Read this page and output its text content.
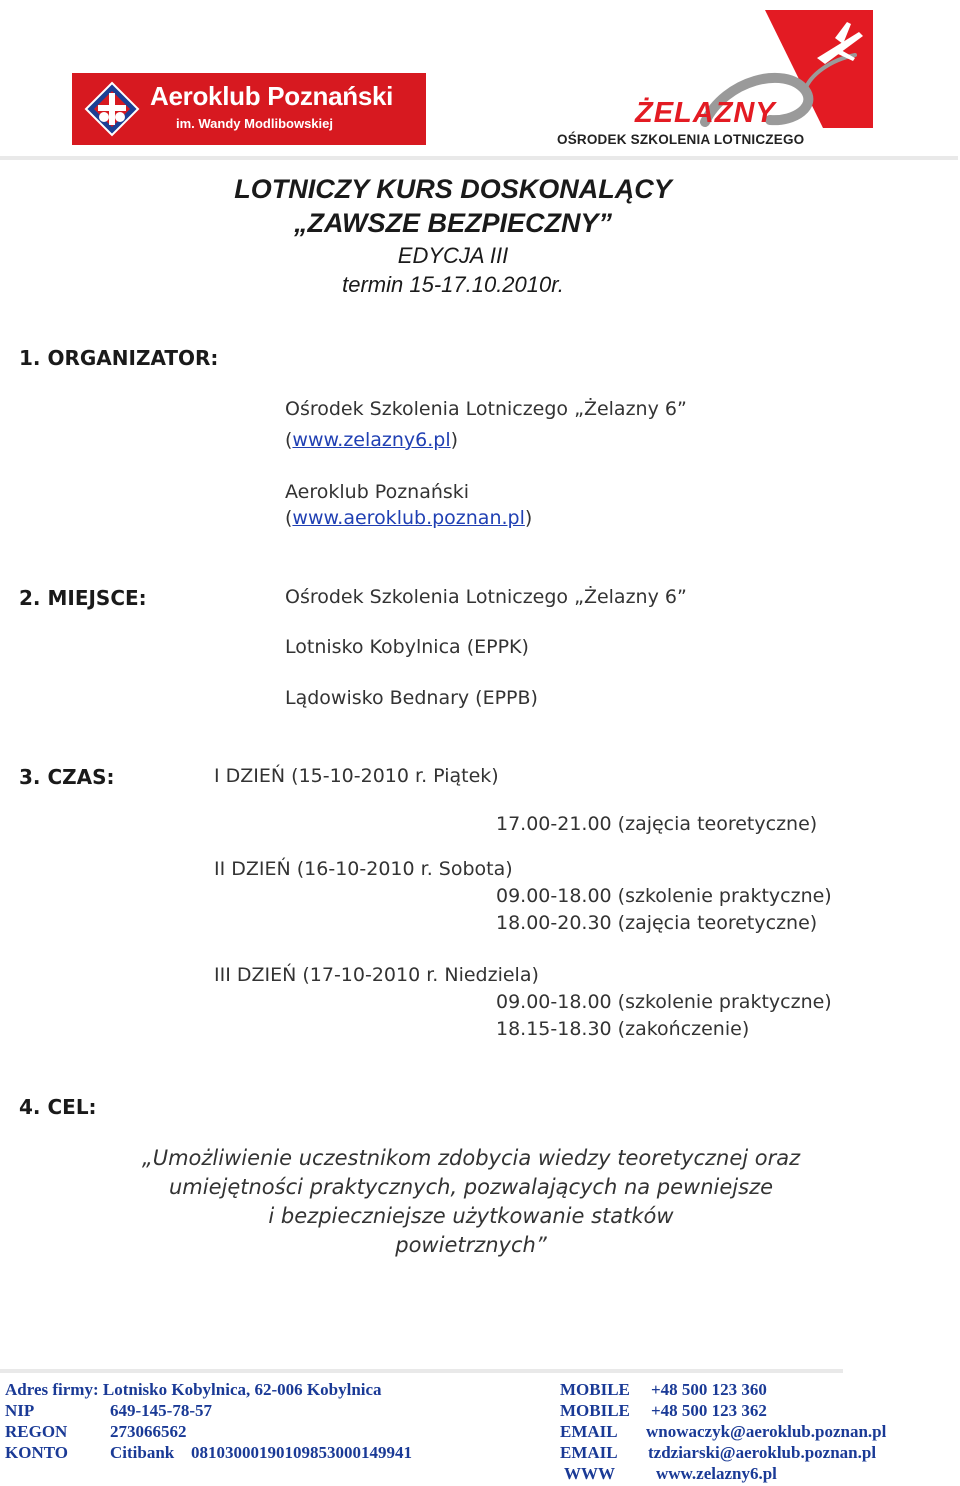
Aeroklub Poznański
im. Wandy Modlibowskiej	ŻELAZNY
OŚRODEK SZKOLENIA LOTNICZEGO
LOTNICZY KURS DOSKONALĄCY
„ZAWSZE BEZPIECZNY”
EDYCJA III
termin 15-17.10.2010r.
1. ORGANIZATOR:
Ośrodek Szkolenia Lotniczego „Żelazny 6”
(www.zelazny6.pl)
Aeroklub Poznański
(www.aeroklub.poznan.pl)
2. MIEJSCE:	Ośrodek Szkolenia Lotniczego „Żelazny 6”
Lotnisko Kobylnica (EPPK)
Lądowisko Bednary (EPPB)
3. CZAS:	I DZIEŃ (15-10-2010 r. Piątek)
17.00-21.00 (zajęcia teoretyczne)
II DZIEŃ (16-10-2010 r. Sobota)
09.00-18.00 (szkolenie praktyczne)
18.00-20.30 (zajęcia teoretyczne)
III DZIEŃ (17-10-2010 r. Niedziela)
09.00-18.00 (szkolenie praktyczne)
18.15-18.30 (zakończenie)
4. CEL:
„Umożliwienie uczestnikom zdobycia wiedzy teoretycznej oraz
umiejętności praktycznych, pozwalających na pewniejsze
i bezpieczniejsze użytkowanie statków
powietrznych”
Adres firmy: Lotnisko Kobylnica, 62-006 Kobylnica
NIP	649-145-78-57
REGON	273066562
KONTO Citibank 08103000190109853000149941
MOBILE +48 500 123 360
MOBILE +48 500 123 362
EMAIL wnowaczyk@aeroklub.poznan.pl
EMAIL tzdziarski@aeroklub.poznan.pl
WWW www.zelazny6.pl
